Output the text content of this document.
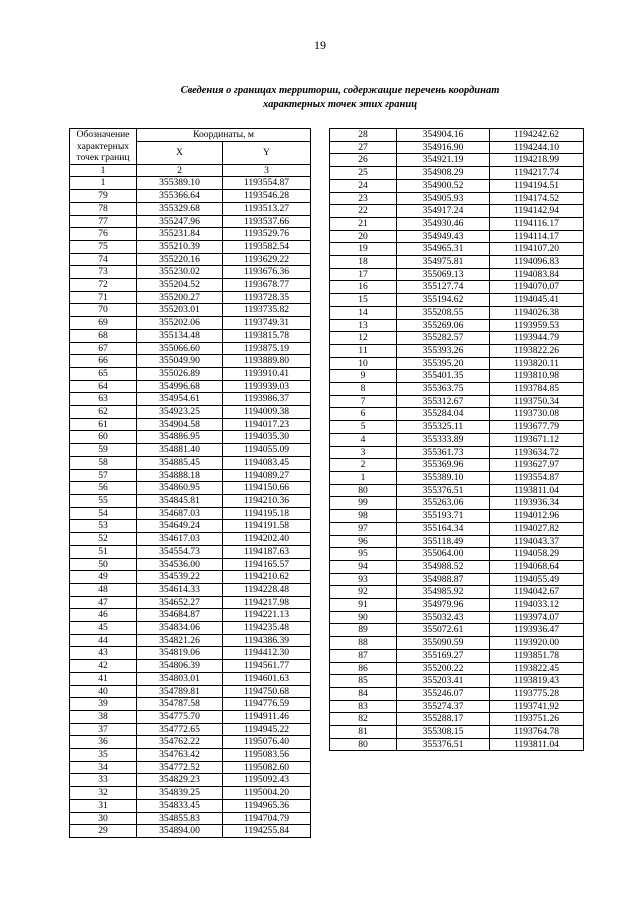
19
Сведения о границах территории, содержащие перечень координат
характерных точек этих границ
Обозначение характерных точек границ	Координаты, м	
	X	Y
1	2	3
1	355389.10	1193554.87
79	355366.64	1193546.28
78	355329.68	1193513.27
77	355247.96	1193537.66
76	355231.84	1193529.76
75	355210.39	1193582.54
74	355220.16	1193629.22
73	355230.02	1193676.36
72	355204.52	1193678.77
71	355200.27	1193728.35
70	355203.01	1193735.82
69	355202.06	1193749.31
68	355134.48	1193815.78
67	355066.60	1193875.19
66	355049.90	1193889.80
65	355026.89	1193910.41
64	354996.68	1193939.03
63	354954.61	1193986.37
62	354923.25	1194009.38
61	354904.58	1194017.23
60	354886.95	1194035.30
59	354881.40	1194055.09
58	354885.45	1194083.45
57	354888.18	1194089.27
56	354860.95	1194150.66
55	354845.81	1194210.36
54	354687.03	1194195.18
53	354649.24	1194191.58
52	354617.03	1194202.40
51	354554.73	1194187.63
50	354536.00	1194165.57
49	354539.22	1194210.62
48	354614.33	1194228.48
47	354652.27	1194217.98
46	354684.87	1194221.13
45	354834.06	1194235.48
44	354821.26	1194386.39
43	354819.06	1194412.30
42	354806.39	1194561.77
41	354803.01	1194601.63
40	354789.81	1194750.68
39	354787.58	1194776.59
38	354775.70	1194911.46
37	354772.65	1194945.22
36	354762.22	1195076.40
35	354763.42	1195083.56
34	354772.52	1195082.60
33	354829.23	1195092.43
32	354839.25	1195004.20
31	354833.45	1194965.36
30	354855.83	1194704.79
29	354894.00	1194255.84
28	354904.16	1194242.62
27	354916.90	1194244.10
26	354921.19	1194218.99
25	354908.29	1194217.74
24	354900.52	1194194.51
23	354905.93	1194174.52
22	354917.24	1194142.94
21	354930.46	1194116.17
20	354949.43	1194114.17
19	354965.31	1194107.20
18	354975.81	1194096.83
17	355069.13	1194083.84
16	355127.74	1194070.07
15	355194.62	1194045.41
14	355208.55	1194026.38
13	355269.06	1193959.53
12	355282.57	1193944.79
11	355393.26	1193822.26
10	355395.20	1193820.11
9	355401.35	1193810.98
8	355363.75	1193784.85
7	355312.67	1193750.34
6	355284.04	1193730.08
5	355325.11	1193677.79
4	355333.89	1193671.12
3	355361.73	1193634.72
2	355369.96	1193627.97
1	355389.10	1193554.87
80	355376.51	1193811.04
99	355263.06	1193936.34
98	355193.71	1194012.96
97	355164.34	1194027.82
96	355118.49	1194043.37
95	355064.00	1194058.29
94	354988.52	1194068.64
93	354988.87	1194055.49
92	354985.92	1194042.67
91	354979.96	1194033.12
90	355032.43	1193974.07
89	355072.61	1193936.47
88	355090.59	1193920.00
87	355169.27	1193851.78
86	355200.22	1193822.45
85	355203.41	1193819.43
84	355246.07	1193775.28
83	355274.37	1193741.92
82	355288.17	1193751.26
81	355308.15	1193764.78
80	355376.51	1193811.04
